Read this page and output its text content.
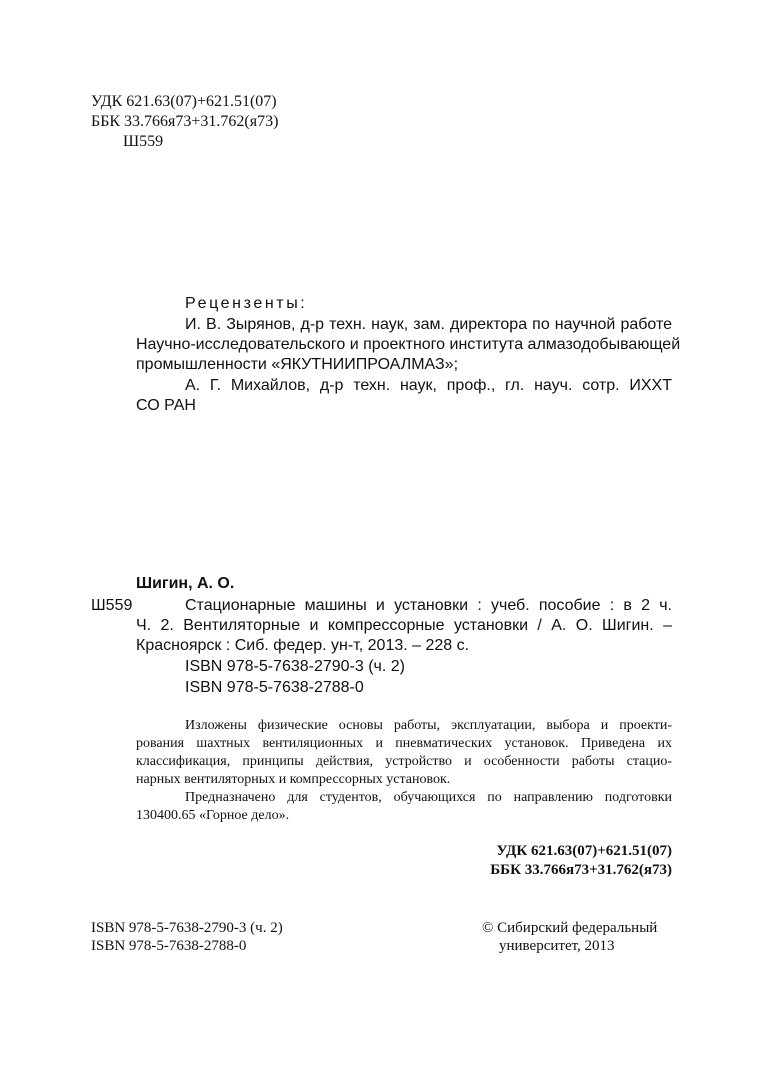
УДК 621.63(07)+621.51(07)
ББК 33.766я73+31.762(я73)
Ш559
Рецензенты:
И. В. Зырянов, д-р техн. наук, зам. директора по научной работе
Научно-исследовательского и проектного института алмазодобывающей
промышленности «ЯКУТНИИПРОАЛМАЗ»;
А. Г. Михайлов, д-р техн. наук, проф., гл. науч. сотр. ИХХТ
СО РАН
Шигин, А. О.
Ш559	Стационарные машины и установки : учеб. пособие : в 2 ч.
Ч. 2. Вентиляторные и компрессорные установки / А. О. Шигин. –
Красноярск : Сиб. федер. ун-т, 2013. – 228 с.
ISBN 978-5-7638-2790-3 (ч. 2)
ISBN 978-5-7638-2788-0
Изложены физические основы работы, эксплуатации, выбора и проекти-
рования шахтных вентиляционных и пневматических установок. Приведена их
классификация, принципы действия, устройство и особенности работы стацио-
нарных вентиляторных и компрессорных установок.
Предназначено для студентов, обучающихся по направлению подготовки
130400.65 «Горное дело».
УДК 621.63(07)+621.51(07)
ББК 33.766я73+31.762(я73)
ISBN 978-5-7638-2790-3 (ч. 2)
ISBN 978-5-7638-2788-0
© Сибирский федеральный
университет, 2013
